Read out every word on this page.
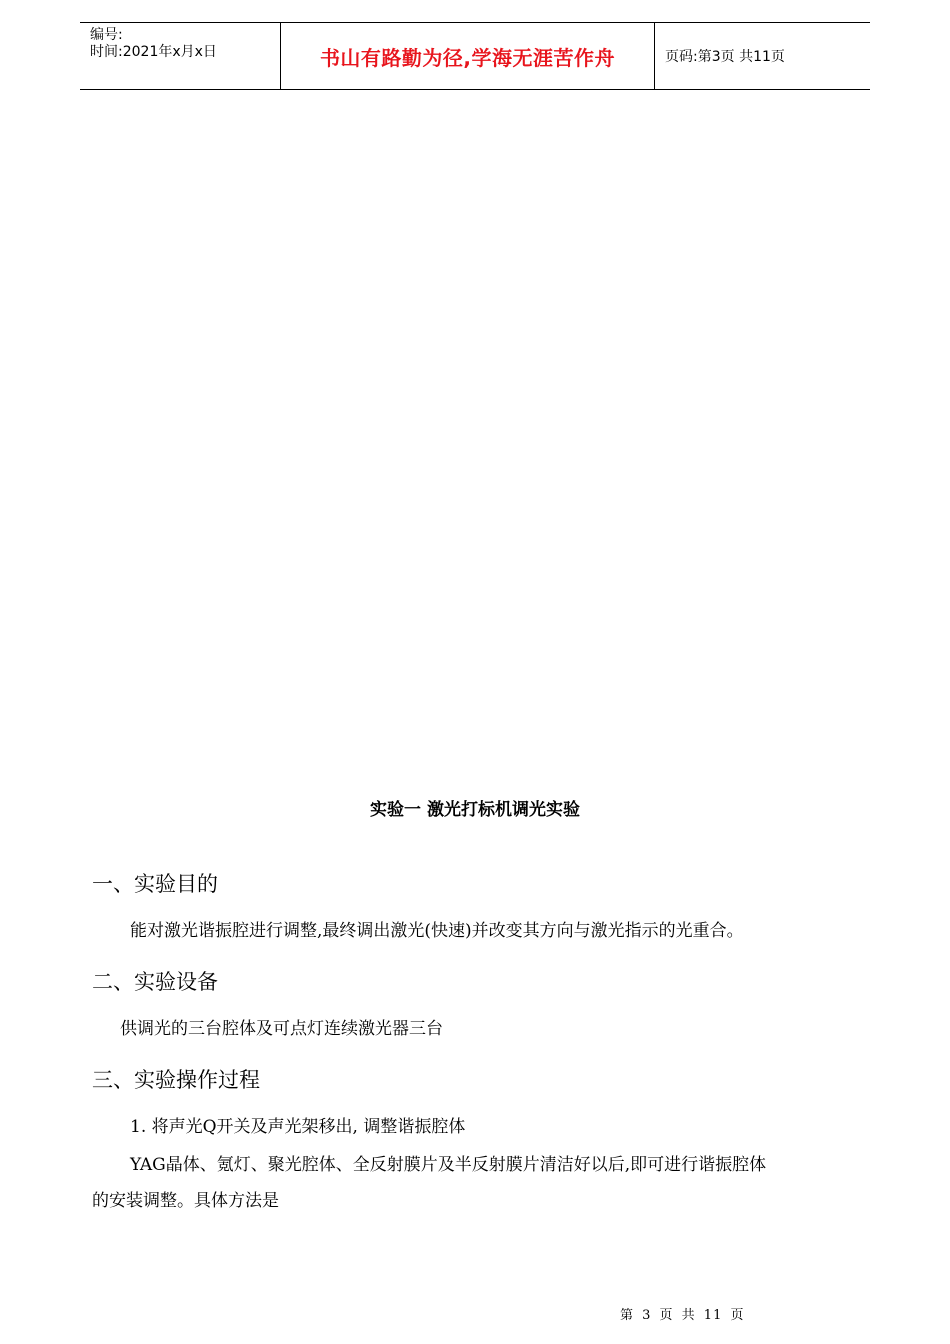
编号:
时间:2021年x月x日	书山有路勤为径,学海无涯苦作舟	页码:第3页 共11页
实验一 激光打标机调光实验
一、实验目的
能对激光谐振腔进行调整,最终调出激光(快速)并改变其方向与激光指示的光重合。
二、实验设备
供调光的三台腔体及可点灯连续激光器三台
三、实验操作过程
1. 将声光Q开关及声光架移出, 调整谐振腔体
YAG晶体、氪灯、聚光腔体、全反射膜片及半反射膜片清洁好以后,即可进行谐振腔体
的安装调整。具体方法是
第 3 页 共 11 页
